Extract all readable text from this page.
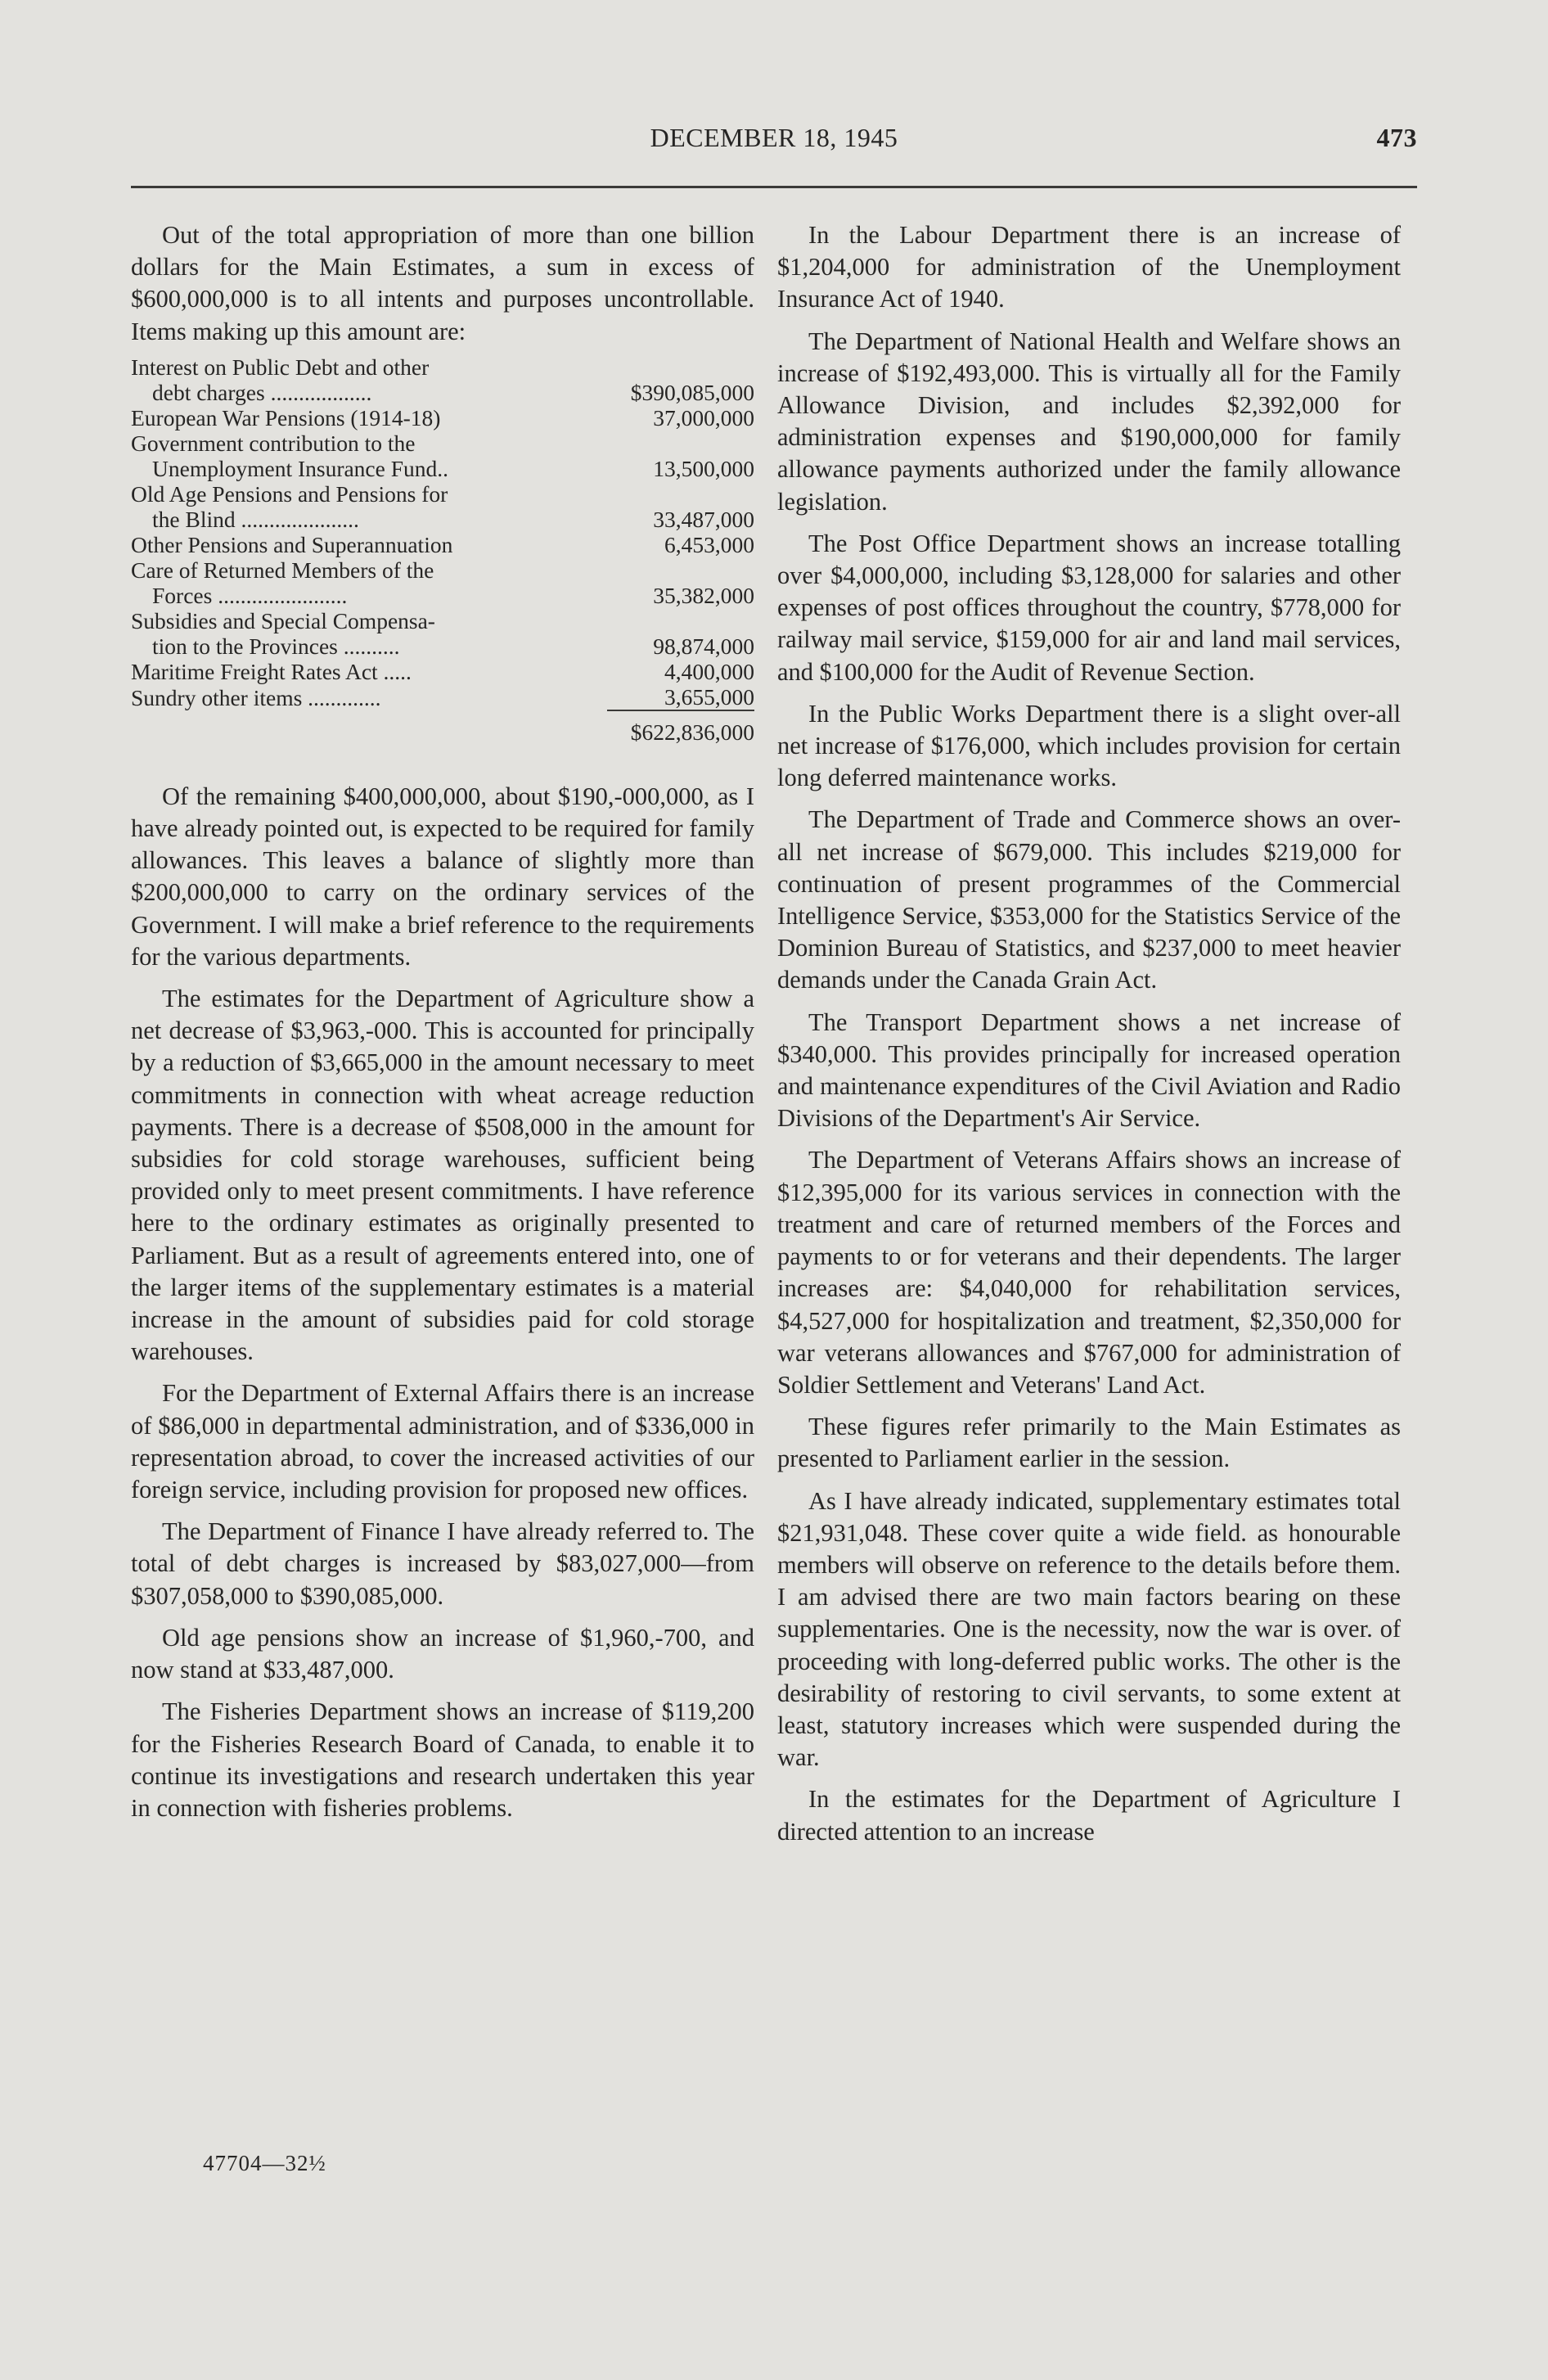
DECEMBER 18, 1945	473

Out of the total appropriation of more than one billion dollars for the Main Estimates, a sum in excess of $600,000,000 is to all intents and purposes uncontrollable. Items making up this amount are:

Interest on Public Debt and other
debt charges ..................	$390,085,000
European War Pensions (1914-18)	37,000,000
Government contribution to the
Unemployment Insurance Fund..	13,500,000
Old Age Pensions and Pensions for
the Blind .....................	33,487,000
Other Pensions and Superannuation	6,453,000
Care of Returned Members of the
Forces .......................	35,382,000
Subsidies and Special Compensa-
tion to the Provinces ..........	98,874,000
Maritime Freight Rates Act .....	4,400,000
Sundry other items .............	3,655,000
	$622,836,000

Of the remaining $400,000,000, about $190,-000,000, as I have already pointed out, is expected to be required for family allowances. This leaves a balance of slightly more than $200,000,000 to carry on the ordinary services of the Government. I will make a brief reference to the requirements for the various departments.

The estimates for the Department of Agriculture show a net decrease of $3,963,-000. This is accounted for principally by a reduction of $3,665,000 in the amount necessary to meet commitments in connection with wheat acreage reduction payments. There is a decrease of $508,000 in the amount for subsidies for cold storage warehouses, sufficient being provided only to meet present commitments. I have reference here to the ordinary estimates as originally presented to Parliament. But as a result of agreements entered into, one of the larger items of the supplementary estimates is a material increase in the amount of subsidies paid for cold storage warehouses.

For the Department of External Affairs there is an increase of $86,000 in departmental administration, and of $336,000 in representation abroad, to cover the increased activities of our foreign service, including provision for proposed new offices.

The Department of Finance I have already referred to. The total of debt charges is increased by $83,027,000—from $307,058,000 to $390,085,000.

Old age pensions show an increase of $1,960,-700, and now stand at $33,487,000.

The Fisheries Department shows an increase of $119,200 for the Fisheries Research Board of Canada, to enable it to continue its investigations and research undertaken this year in connection with fisheries problems.

47704—32½

In the Labour Department there is an increase of $1,204,000 for administration of the Unemployment Insurance Act of 1940.

The Department of National Health and Welfare shows an increase of $192,493,000. This is virtually all for the Family Allowance Division, and includes $2,392,000 for administration expenses and $190,000,000 for family allowance payments authorized under the family allowance legislation.

The Post Office Department shows an increase totalling over $4,000,000, including $3,128,000 for salaries and other expenses of post offices throughout the country, $778,000 for railway mail service, $159,000 for air and land mail services, and $100,000 for the Audit of Revenue Section.

In the Public Works Department there is a slight over-all net increase of $176,000, which includes provision for certain long deferred maintenance works.

The Department of Trade and Commerce shows an over-all net increase of $679,000. This includes $219,000 for continuation of present programmes of the Commercial Intelligence Service, $353,000 for the Statistics Service of the Dominion Bureau of Statistics, and $237,000 to meet heavier demands under the Canada Grain Act.

The Transport Department shows a net increase of $340,000. This provides principally for increased operation and maintenance expenditures of the Civil Aviation and Radio Divisions of the Department's Air Service.

The Department of Veterans Affairs shows an increase of $12,395,000 for its various services in connection with the treatment and care of returned members of the Forces and payments to or for veterans and their dependents. The larger increases are: $4,040,000 for rehabilitation services, $4,527,000 for hospitalization and treatment, $2,350,000 for war veterans allowances and $767,000 for administration of Soldier Settlement and Veterans' Land Act.

These figures refer primarily to the Main Estimates as presented to Parliament earlier in the session.

As I have already indicated, supplementary estimates total $21,931,048. These cover quite a wide field. as honourable members will observe on reference to the details before them. I am advised there are two main factors bearing on these supplementaries. One is the necessity, now the war is over. of proceeding with long-deferred public works. The other is the desirability of restoring to civil servants, to some extent at least, statutory increases which were suspended during the war.

In the estimates for the Department of Agriculture I directed attention to an increase
